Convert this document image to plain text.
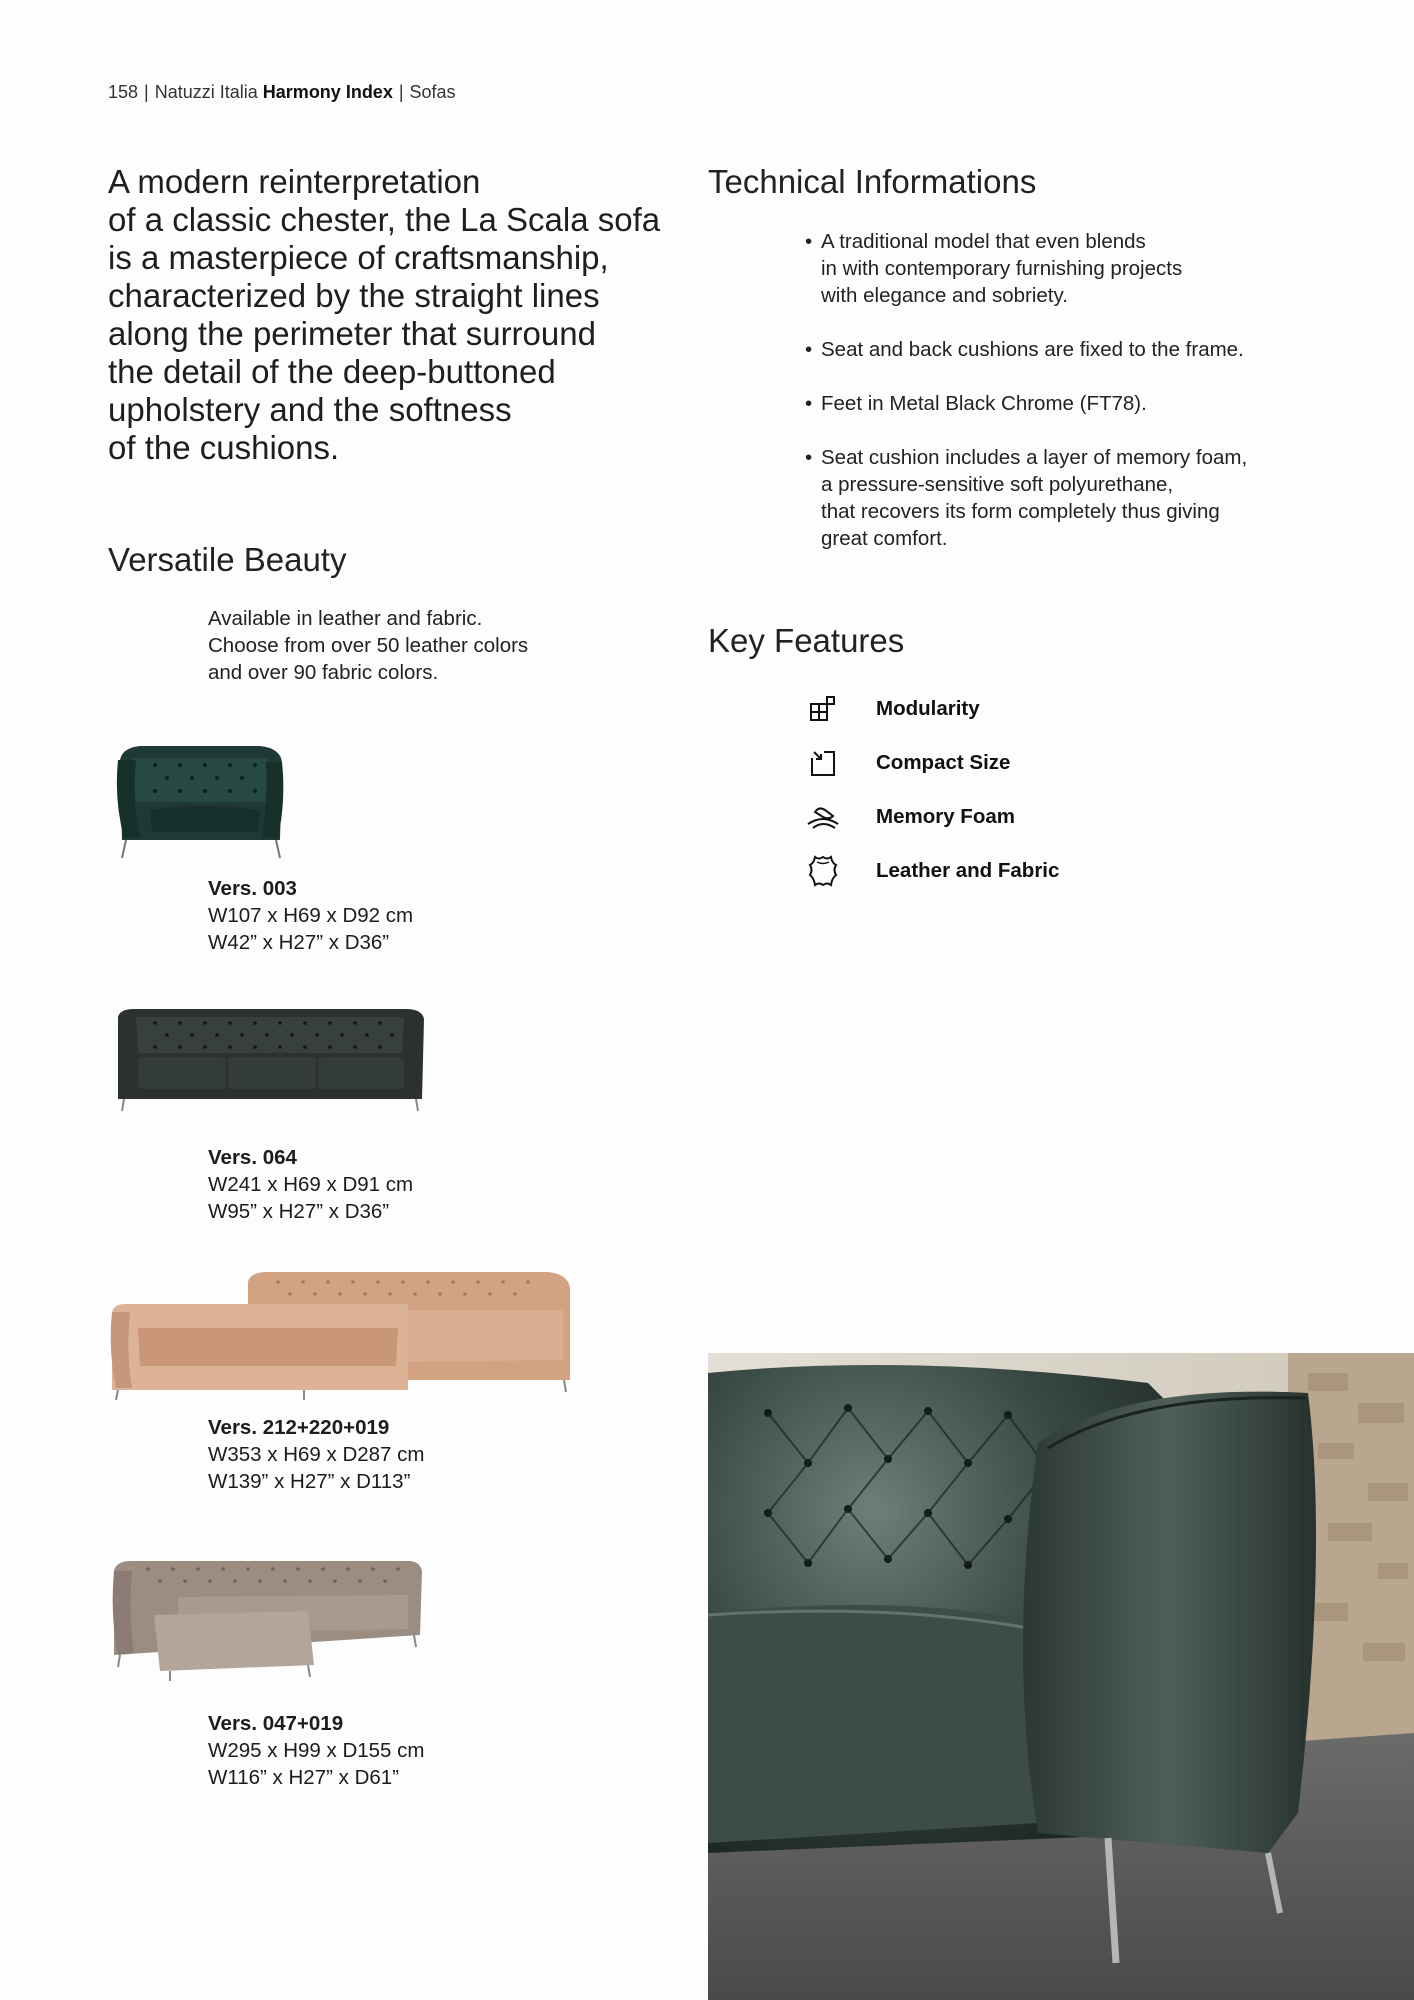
158 | Natuzzi Italia Harmony Index | Sofas
A modern reinterpretation
of a classic chester, the La Scala sofa
is a masterpiece of craftsmanship,
characterized by the straight lines
along the perimeter that surround
the detail of the deep-buttoned
upholstery and the softness
of the cushions.
Versatile Beauty
Available in leather and fabric.
Choose from over 50 leather colors
and over 90 fabric colors.
Technical Informations
• A traditional model that even blends
in with contemporary furnishing projects
with elegance and sobriety.
• Seat and back cushions are fixed to the frame.
• Feet in Metal Black Chrome (FT78).
• Seat cushion includes a layer of memory foam,
a pressure-sensitive soft polyurethane,
that recovers its form completely thus giving
great comfort.
Key Features
Modularity
Compact Size
Memory Foam
Leather and Fabric
Vers. 003
W107 x H69 x D92 cm
W42” x H27” x D36”
Vers. 064
W241 x H69 x D91 cm
W95” x H27” x D36”
Vers. 212+220+019
W353 x H69 x D287 cm
W139” x H27” x D113”
Vers. 047+019
W295 x H99 x D155 cm
W116” x H27” x D61”
